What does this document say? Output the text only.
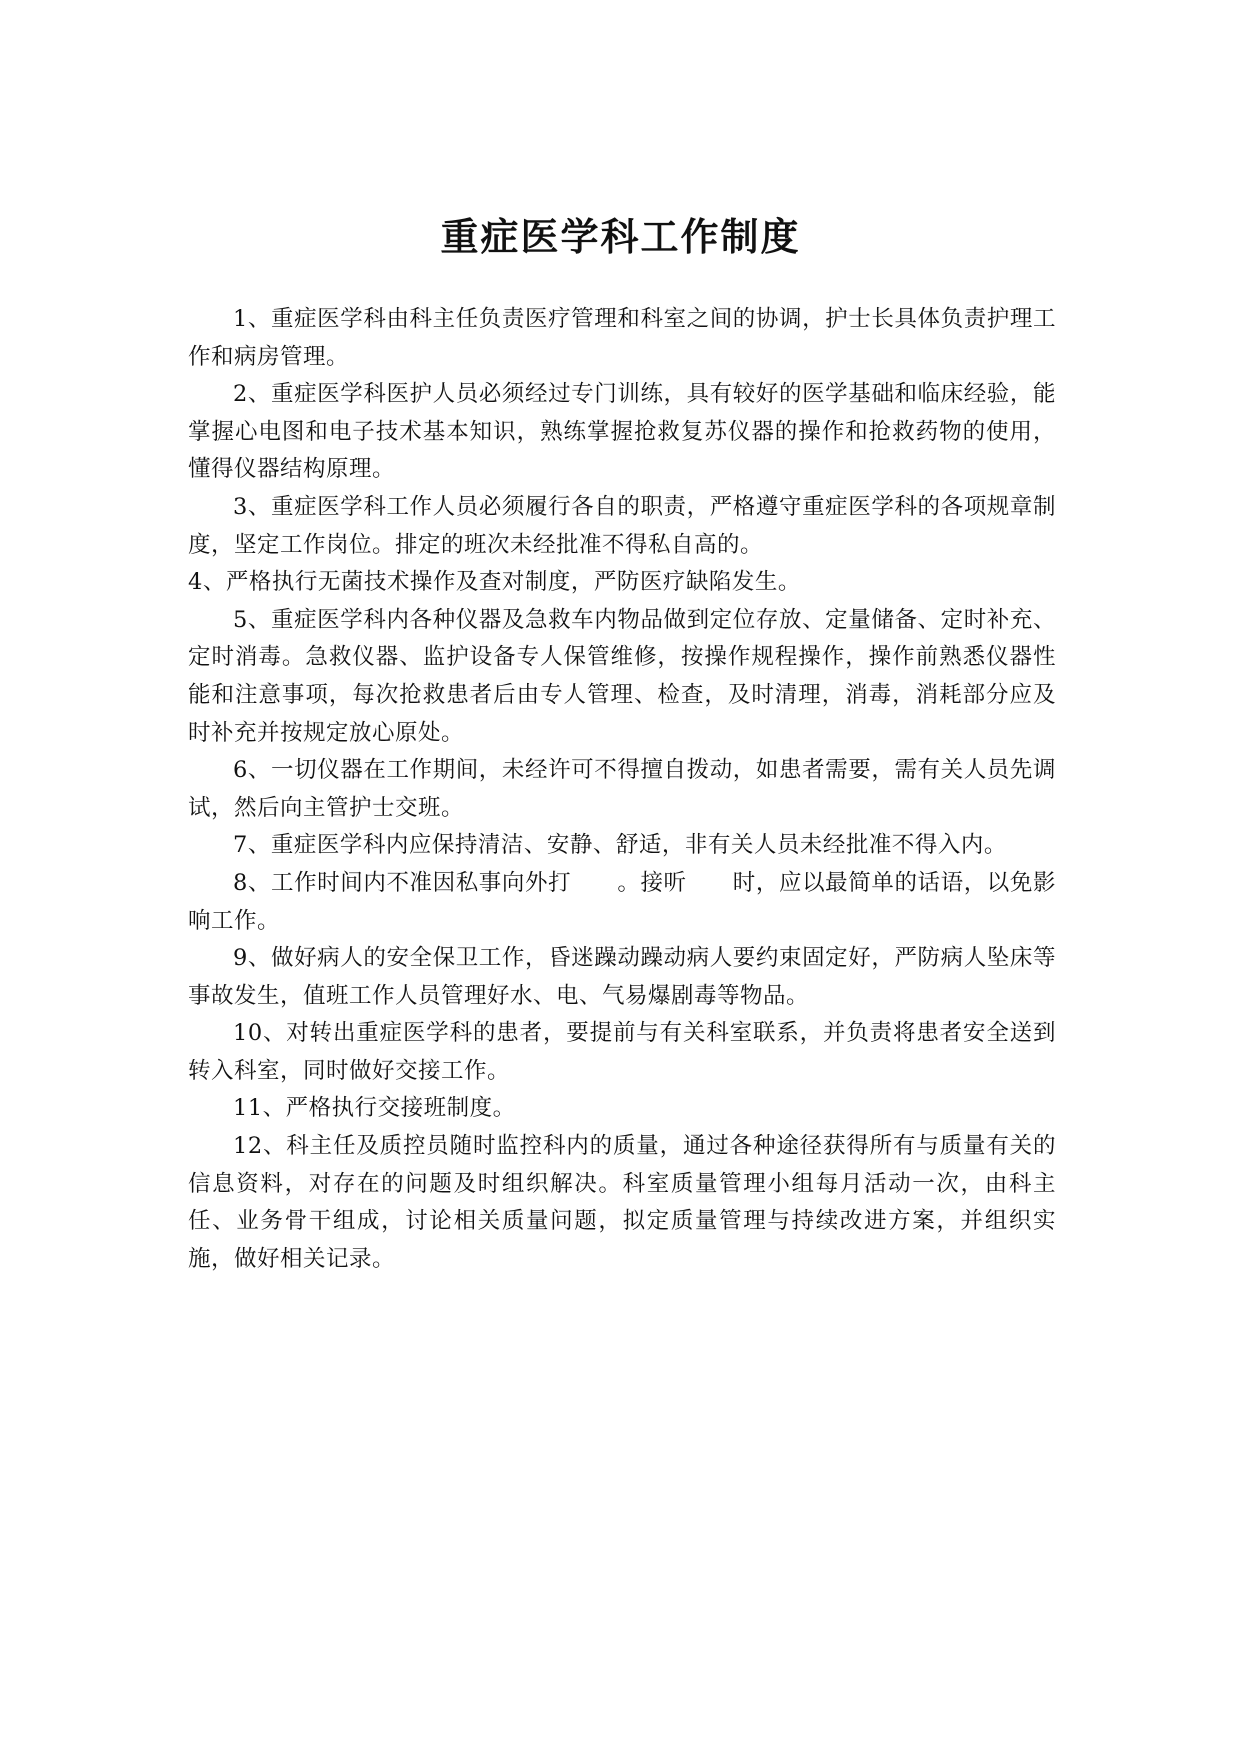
重症医学科工作制度

1、重症医学科由科主任负责医疗管理和科室之间的协调，护士长具体负责护理工作和病房管理。

2、重症医学科医护人员必须经过专门训练，具有较好的医学基础和临床经验，能掌握心电图和电子技术基本知识，熟练掌握抢救复苏仪器的操作和抢救药物的使用，懂得仪器结构原理。

3、重症医学科工作人员必须履行各自的职责，严格遵守重症医学科的各项规章制度，坚定工作岗位。排定的班次未经批准不得私自高的。

4、严格执行无菌技术操作及查对制度，严防医疗缺陷发生。

5、重症医学科内各种仪器及急救车内物品做到定位存放、定量储备、定时补充、定时消毒。急救仪器、监护设备专人保管维修，按操作规程操作，操作前熟悉仪器性能和注意事项，每次抢救患者后由专人管理、检查，及时清理，消毒，消耗部分应及时补充并按规定放心原处。

6、一切仪器在工作期间，未经许可不得擅自拨动，如患者需要，需有关人员先调试，然后向主管护士交班。

7、重症医学科内应保持清洁、安静、舒适，非有关人员未经批准不得入内。

8、工作时间内不准因私事向外打　　。接听　　时，应以最简单的话语，以免影响工作。

9、做好病人的安全保卫工作，昏迷躁动躁动病人要约束固定好，严防病人坠床等事故发生，值班工作人员管理好水、电、气易爆剧毒等物品。

10、对转出重症医学科的患者，要提前与有关科室联系，并负责将患者安全送到转入科室，同时做好交接工作。

11、严格执行交接班制度。

12、科主任及质控员随时监控科内的质量，通过各种途径获得所有与质量有关的信息资料，对存在的问题及时组织解决。科室质量管理小组每月活动一次，由科主任、业务骨干组成，讨论相关质量问题，拟定质量管理与持续改进方案，并组织实施，做好相关记录。
